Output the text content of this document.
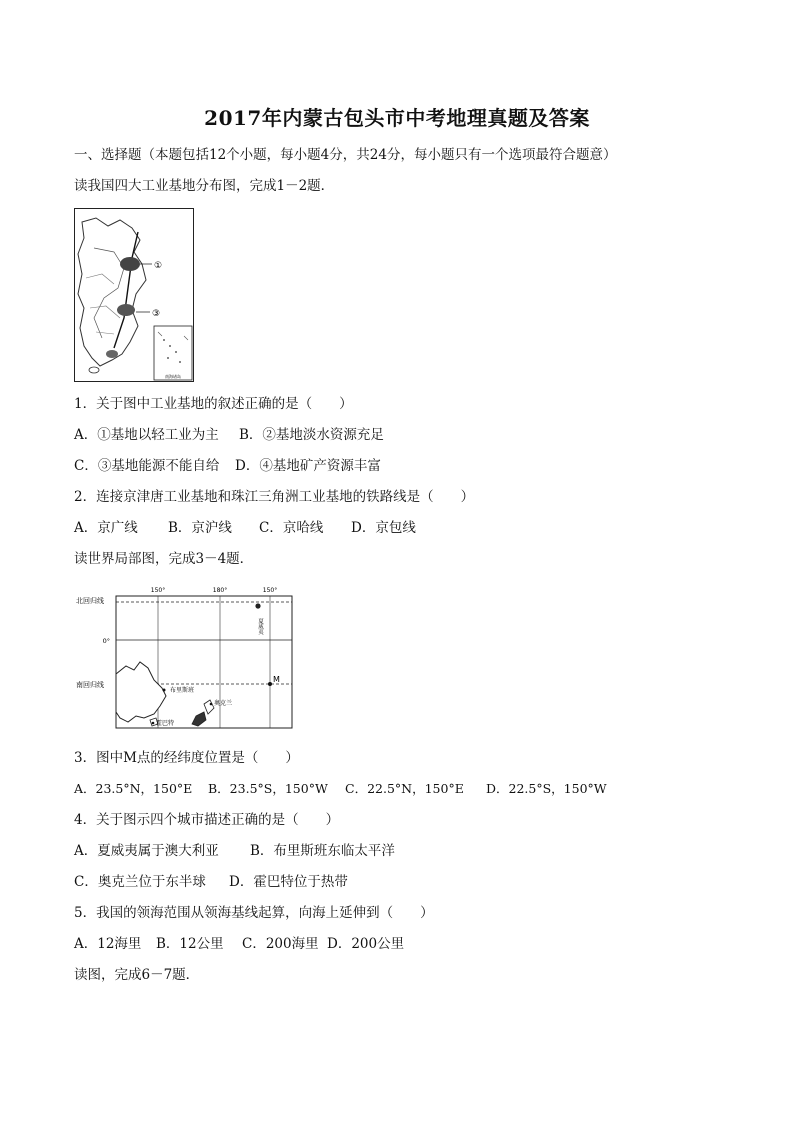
2017年内蒙古包头市中考地理真题及答案
一、选择题（本题包括12个小题，每小题4分，共24分，每小题只有一个选项最符合题意）
读我国四大工业基地分布图，完成1－2题．
①
③
南海诸岛
1．关于图中工业基地的叙述正确的是（　　）
A．①基地以轻工业为主 B．②基地淡水资源充足
C．③基地能源不能自给 D．④基地矿产资源丰富
2．连接京津唐工业基地和珠江三角洲工业基地的铁路线是（　　）
A．京广线 B．京沪线 C．京哈线 D．京包线
读世界局部图，完成3－4题．
150°	180°	150°
北回归线
0°
南回归线
夏威夷
M
布里斯班
奥克兰
霍巴特
3．图中M点的经纬度位置是（　　）
A．23.5°N，150°E B．23.5°S，150°W C．22.5°N，150°E D．22.5°S，150°W
4．关于图示四个城市描述正确的是（　　）
A．夏威夷属于澳大利亚 B．布里斯班东临太平洋
C．奥克兰位于东半球 D．霍巴特位于热带
5．我国的领海范围从领海基线起算，向海上延伸到（　　）
A．12海里 B．12公里 C．200海里 D．200公里
读图，完成6－7题．
